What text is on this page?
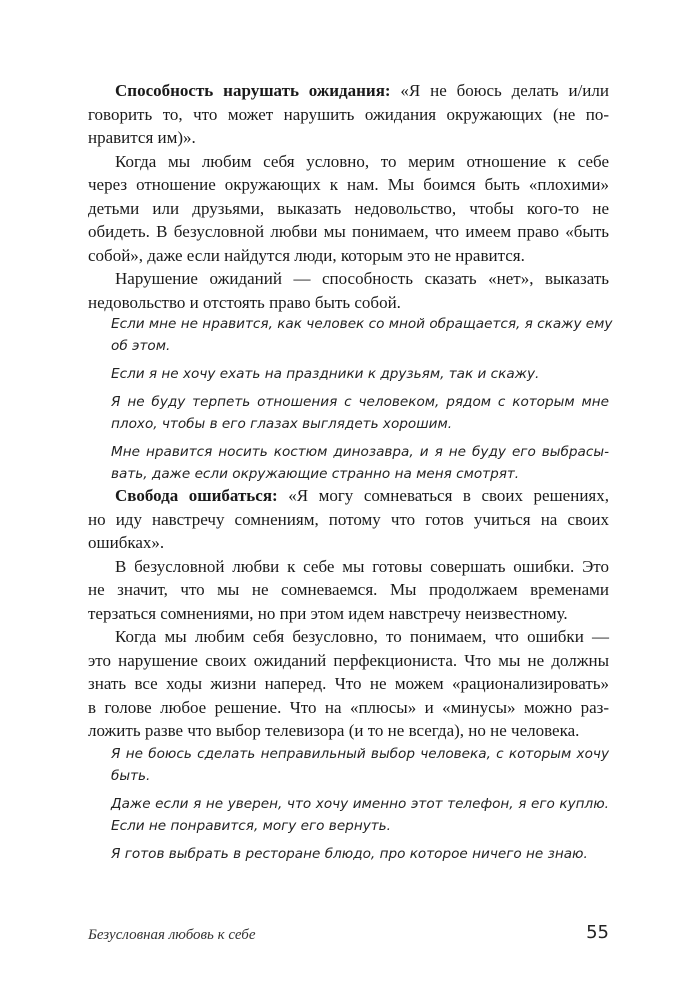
Способность нарушать ожидания: «Я не боюсь делать и/или
говорить то, что может нарушить ожидания окружающих (не по-
нравится им)».
Когда мы любим себя условно, то мерим отношение к себе
через отношение окружающих к нам. Мы боимся быть «плохими»
детьми или друзьями, выказать недовольство, чтобы кого-то не
обидеть. В безусловной любви мы понимаем, что имеем право «быть
собой», даже если найдутся люди, которым это не нравится.
Нарушение ожиданий — способность сказать «нет», выказать
недовольство и отстоять право быть собой.
Если мне не нравится, как человек со мной обращается, я скажу ему
об этом.
Если я не хочу ехать на праздники к друзьям, так и скажу.
Я не буду терпеть отношения с человеком, рядом с которым мне
плохо, чтобы в его глазах выглядеть хорошим.
Мне нравится носить костюм динозавра, и я не буду его выбрасы-
вать, даже если окружающие странно на меня смотрят.
Свобода ошибаться: «Я могу сомневаться в своих решениях,
но иду навстречу сомнениям, потому что готов учиться на своих
ошибках».
В безусловной любви к себе мы готовы совершать ошибки. Это
не значит, что мы не сомневаемся. Мы продолжаем временами
терзаться сомнениями, но при этом идем навстречу неизвестному.
Когда мы любим себя безусловно, то понимаем, что ошибки —
это нарушение своих ожиданий перфекциониста. Что мы не должны
знать все ходы жизни наперед. Что не можем «рационализировать»
в голове любое решение. Что на «плюсы» и «минусы» можно раз-
ложить разве что выбор телевизора (и то не всегда), но не человека.
Я не боюсь сделать неправильный выбор человека, с которым хочу
быть.
Даже если я не уверен, что хочу именно этот телефон, я его куплю.
Если не понравится, могу его вернуть.
Я готов выбрать в ресторане блюдо, про которое ничего не знаю.
Безусловная любовь к себе	55
